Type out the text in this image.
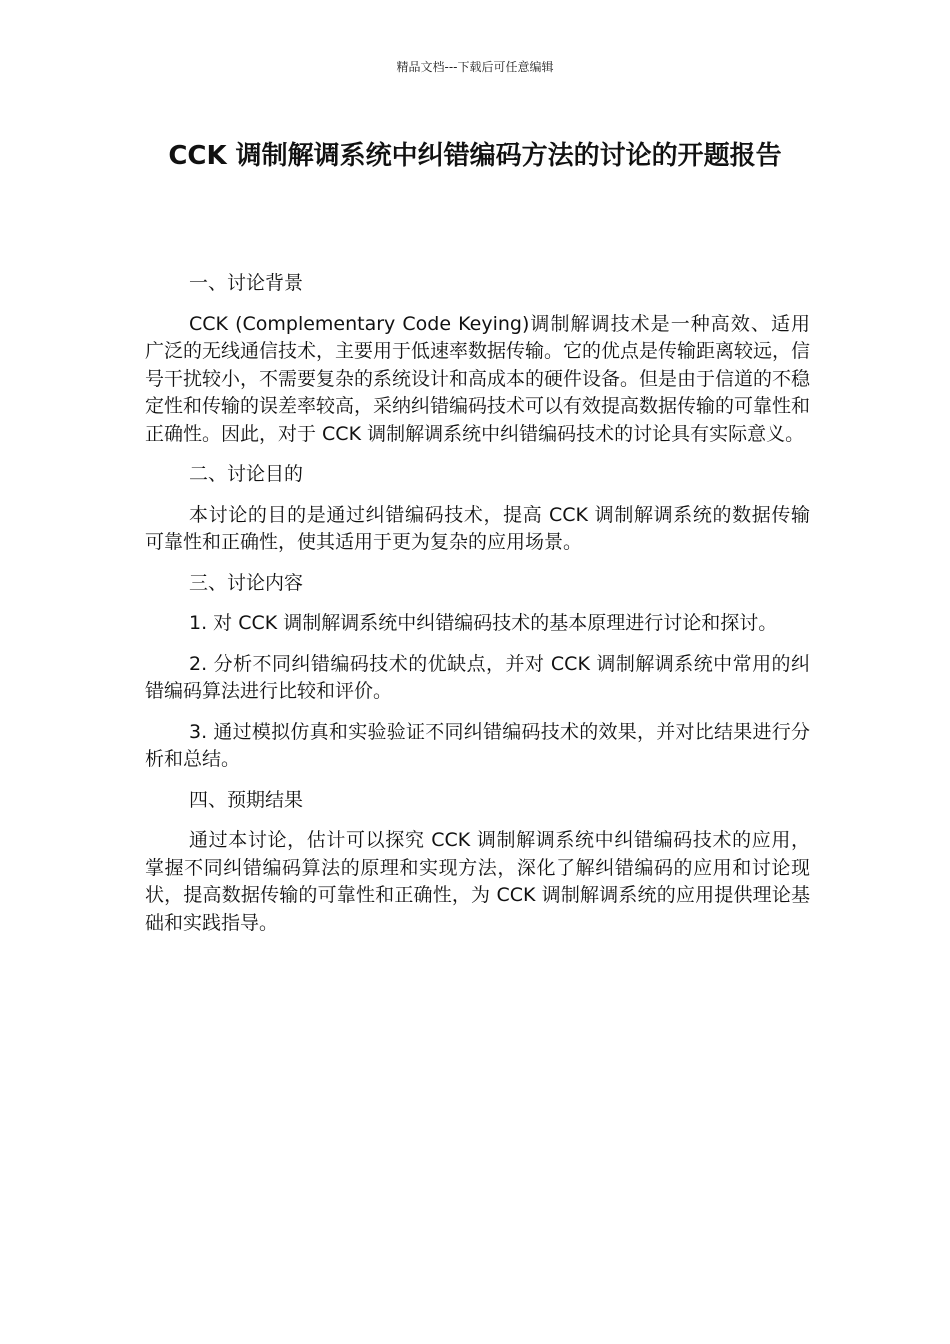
精品文档---下载后可任意编辑
CCK 调制解调系统中纠错编码方法的讨论的开题报告

一、讨论背景

CCK (Complementary Code Keying)调制解调技术是一种高效、适用广泛的无线通信技术，主要用于低速率数据传输。它的优点是传输距离较远，信号干扰较小，不需要复杂的系统设计和高成本的硬件设备。但是由于信道的不稳定性和传输的误差率较高，采纳纠错编码技术可以有效提高数据传输的可靠性和正确性。因此，对于 CCK 调制解调系统中纠错编码技术的讨论具有实际意义。

二、讨论目的

本讨论的目的是通过纠错编码技术，提高 CCK 调制解调系统的数据传输可靠性和正确性，使其适用于更为复杂的应用场景。

三、讨论内容

1. 对 CCK 调制解调系统中纠错编码技术的基本原理进行讨论和探讨。

2. 分析不同纠错编码技术的优缺点，并对 CCK 调制解调系统中常用的纠错编码算法进行比较和评价。

3. 通过模拟仿真和实验验证不同纠错编码技术的效果，并对比结果进行分析和总结。

四、预期结果

通过本讨论，估计可以探究 CCK 调制解调系统中纠错编码技术的应用，掌握不同纠错编码算法的原理和实现方法，深化了解纠错编码的应用和讨论现状，提高数据传输的可靠性和正确性，为 CCK 调制解调系统的应用提供理论基础和实践指导。
